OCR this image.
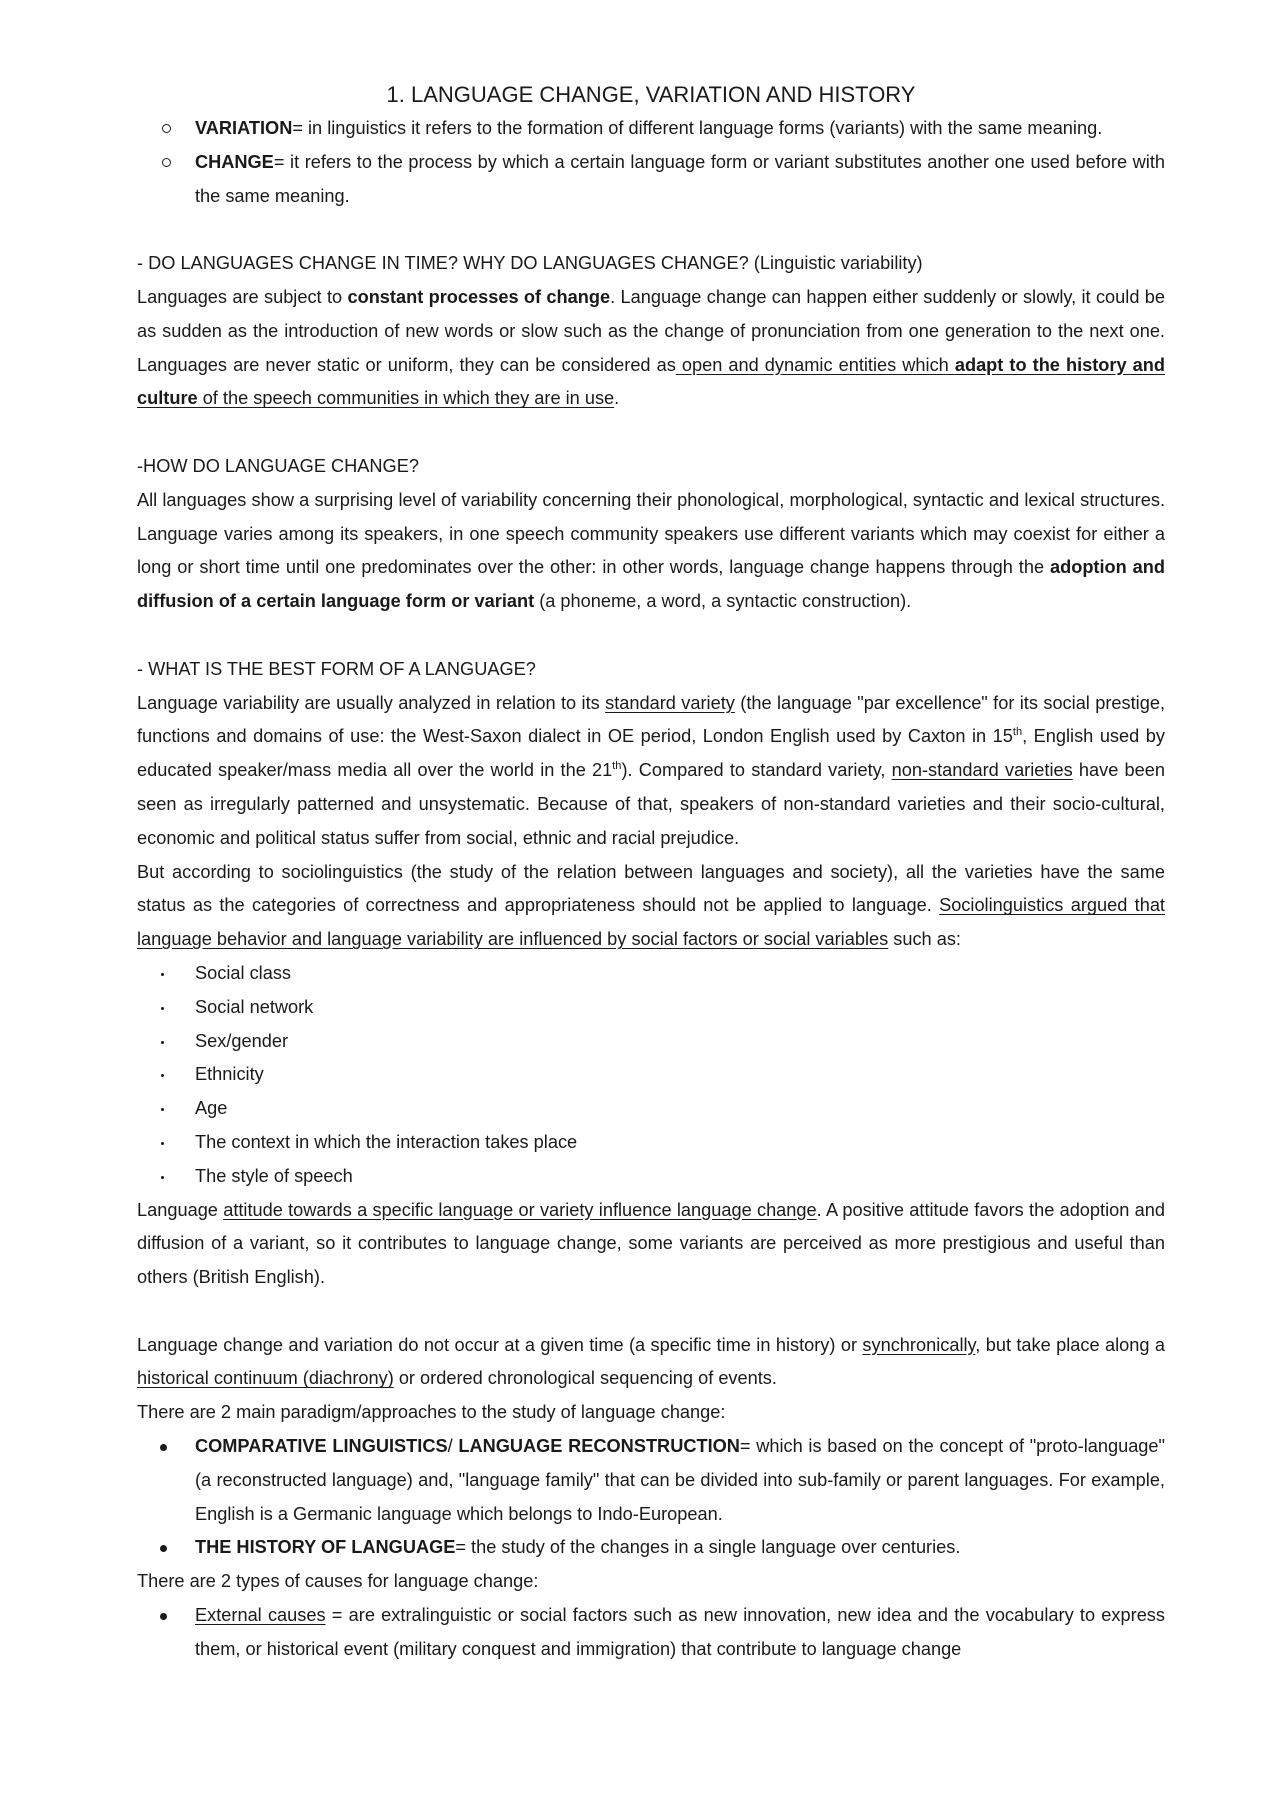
1. LANGUAGE CHANGE, VARIATION AND HISTORY
VARIATION= in linguistics it refers to the formation of different language forms (variants) with the same meaning.
CHANGE= it refers to the process by which a certain language form or variant substitutes another one used before with the same meaning.

- DO LANGUAGES CHANGE IN TIME? WHY DO LANGUAGES CHANGE? (Linguistic variability)

Languages are subject to constant processes of change. Language change can happen either suddenly or slowly, it could be as sudden as the introduction of new words or slow such as the change of pronunciation from one generation to the next one. Languages are never static or uniform, they can be considered as open and dynamic entities which adapt to the history and culture of the speech communities in which they are in use.

-HOW DO LANGUAGE CHANGE?

All languages show a surprising level of variability concerning their phonological, morphological, syntactic and lexical structures. Language varies among its speakers, in one speech community speakers use different variants which may coexist for either a long or short time until one predominates over the other: in other words, language change happens through the adoption and diffusion of a certain language form or variant (a phoneme, a word, a syntactic construction).

- WHAT IS THE BEST FORM OF A LANGUAGE?

Language variability are usually analyzed in relation to its standard variety (the language "par excellence" for its social prestige, functions and domains of use: the West-Saxon dialect in OE period, London English used by Caxton in 15th, English used by educated speaker/mass media all over the world in the 21th). Compared to standard variety, non-standard varieties have been seen as irregularly patterned and unsystematic. Because of that, speakers of non-standard varieties and their socio-cultural, economic and political status suffer from social, ethnic and racial prejudice.

But according to sociolinguistics (the study of the relation between languages and society), all the varieties have the same status as the categories of correctness and appropriateness should not be applied to language. Sociolinguistics argued that language behavior and language variability are influenced by social factors or social variables such as:

Social class
Social network
Sex/gender
Ethnicity
Age
The context in which the interaction takes place
The style of speech

Language attitude towards a specific language or variety influence language change. A positive attitude favors the adoption and diffusion of a variant, so it contributes to language change, some variants are perceived as more prestigious and useful than others (British English).

Language change and variation do not occur at a given time (a specific time in history) or synchronically, but take place along a historical continuum (diachrony) or ordered chronological sequencing of events.

There are 2 main paradigm/approaches to the study of language change:

COMPARATIVE LINGUISTICS/ LANGUAGE RECONSTRUCTION= which is based on the concept of "proto-language" (a reconstructed language) and, "language family" that can be divided into sub-family or parent languages. For example, English is a Germanic language which belongs to Indo-European.
THE HISTORY OF LANGUAGE= the study of the changes in a single language over centuries.

There are 2 types of causes for language change:

External causes = are extralinguistic or social factors such as new innovation, new idea and the vocabulary to express them, or historical event (military conquest and immigration) that contribute to language change
